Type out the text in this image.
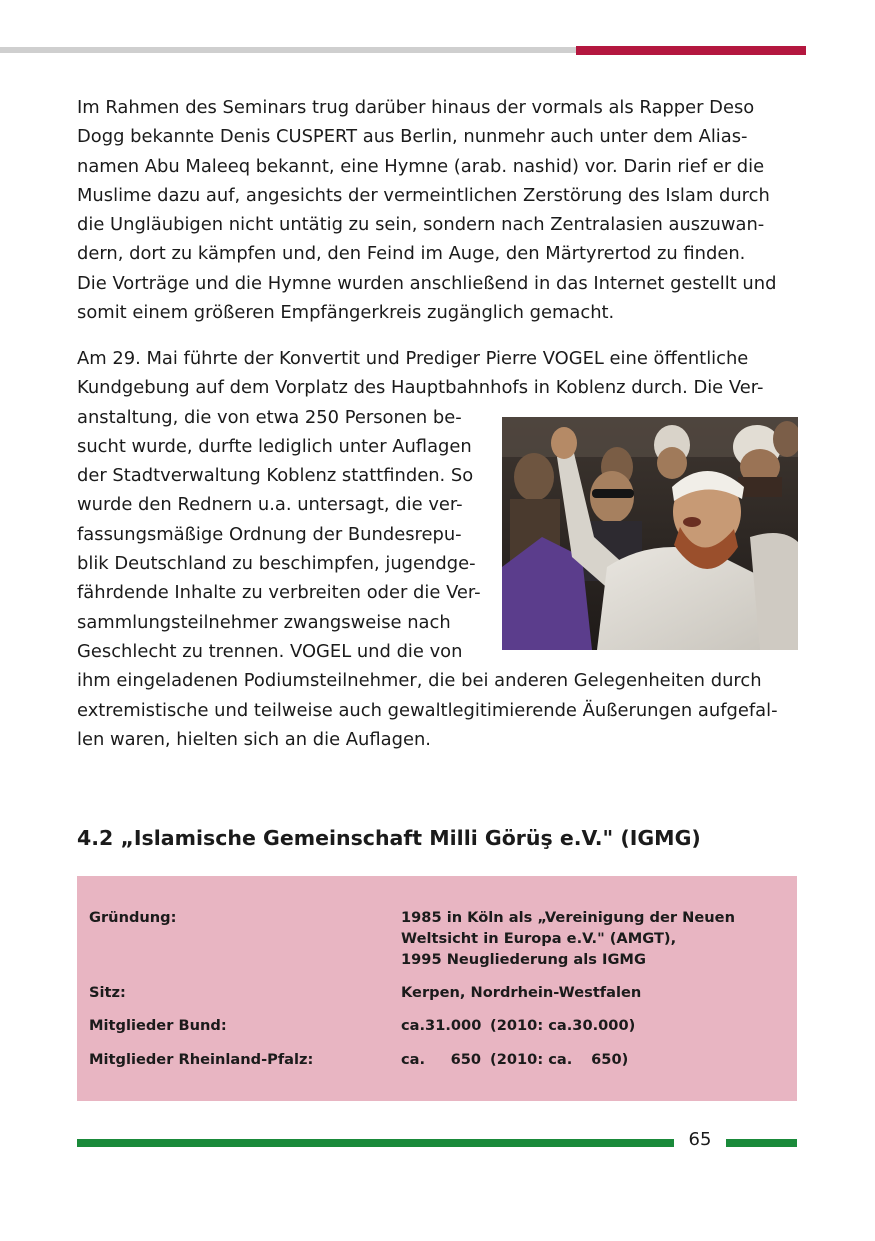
Im Rahmen des Seminars trug darüber hinaus der vormals als Rapper Deso
Dogg bekannte Denis CUSPERT aus Berlin, nunmehr auch unter dem Alias-
namen Abu Maleeq bekannt, eine Hymne (arab. nashid) vor. Darin rief er die
Muslime dazu auf, angesichts der vermeintlichen Zerstörung des Islam durch
die Ungläubigen nicht untätig zu sein, sondern nach Zentralasien auszuwan-
dern, dort zu kämpfen und, den Feind im Auge, den Märtyrertod zu finden.
Die Vorträge und die Hymne wurden anschließend in das Internet gestellt und
somit einem größeren Empfängerkreis zugänglich gemacht.

Am 29. Mai führte der Konvertit und Prediger Pierre VOGEL eine öffentliche
Kundgebung auf dem Vorplatz des Hauptbahnhofs in Koblenz durch. Die Ver-
anstaltung, die von etwa 250 Personen be-
sucht wurde, durfte lediglich unter Auflagen
der Stadtverwaltung Koblenz stattfinden. So
wurde den Rednern u.a. untersagt, die ver-
fassungsmäßige Ordnung der Bundesrepu-
blik Deutschland zu beschimpfen, jugendge-
fährdende Inhalte zu verbreiten oder die Ver-
sammlungsteilnehmer zwangsweise nach
Geschlecht zu trennen. VOGEL und die von
ihm eingeladenen Podiumsteilnehmer, die bei anderen Gelegenheiten durch
extremistische und teilweise auch gewaltlegitimierende Äußerungen aufgefal-
len waren, hielten sich an die Auflagen.

4.2 „Islamische Gemeinschaft Milli Görüş e.V." (IGMG)
Gründung:	1985 in Köln als „Vereinigung der Neuen
Weltsicht in Europa e.V." (AMGT),
1995 Neugliederung als IGMG
Sitz:	Kerpen, Nordrhein-Westfalen
Mitglieder Bund:	ca.31.000 (2010: ca.30.000)
Mitglieder Rheinland-Pfalz:	ca. 650 (2010: ca. 650)
65
